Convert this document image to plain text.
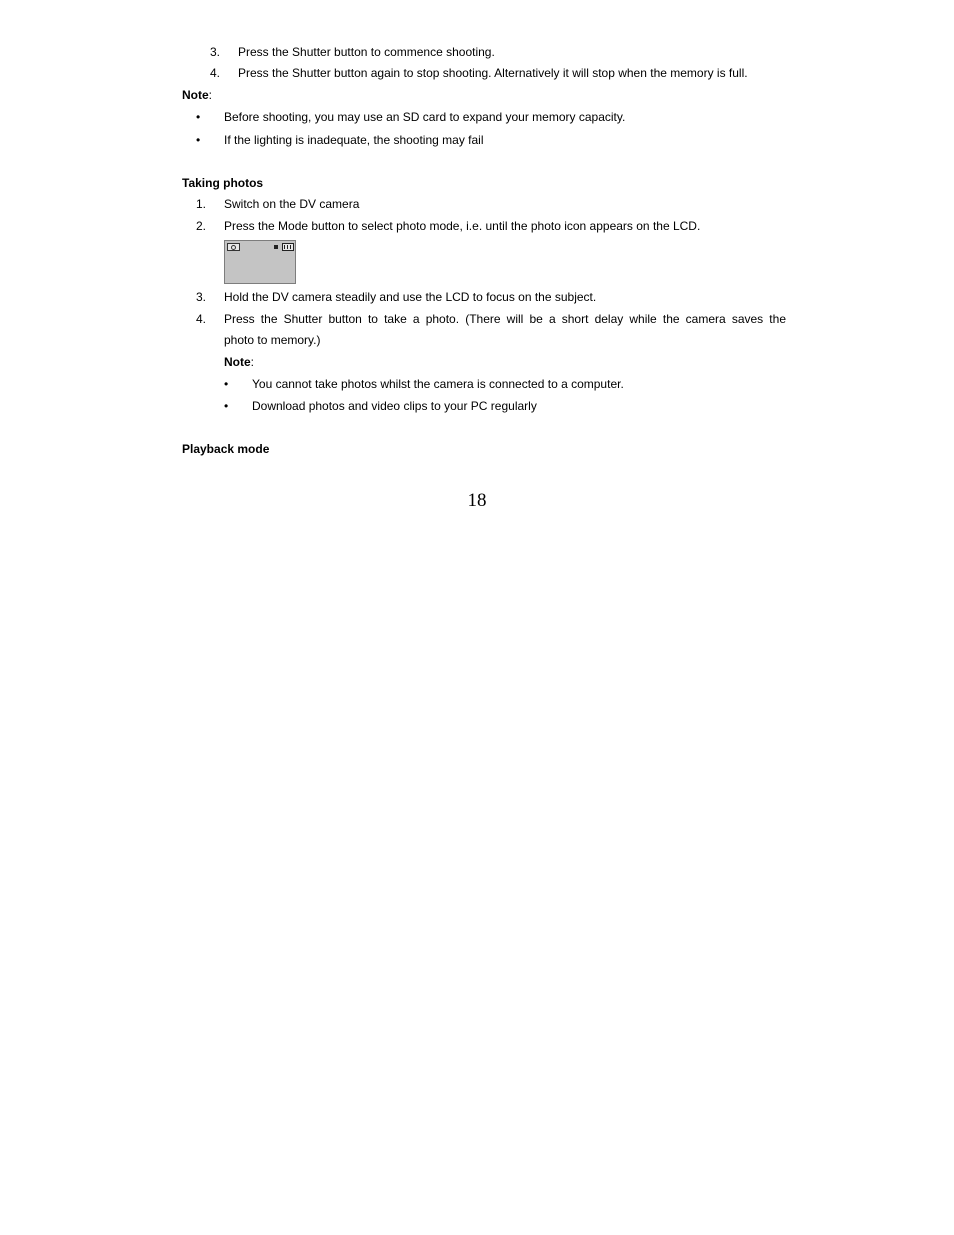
3. Press the Shutter button to commence shooting.
4. Press the Shutter button again to stop shooting. Alternatively it will stop when the memory is full.
Note:
• Before shooting, you may use an SD card to expand your memory capacity.
• If the lighting is inadequate, the shooting may fail
Taking photos
1. Switch on the DV camera
2. Press the Mode button to select photo mode, i.e. until the photo icon appears on the LCD.
3. Hold the DV camera steadily and use the LCD to focus on the subject.
4. Press the Shutter button to take a photo. (There will be a short delay while the camera saves the
photo to memory.)
Note:
• You cannot take photos whilst the camera is connected to a computer.
• Download photos and video clips to your PC regularly
Playback mode
18
